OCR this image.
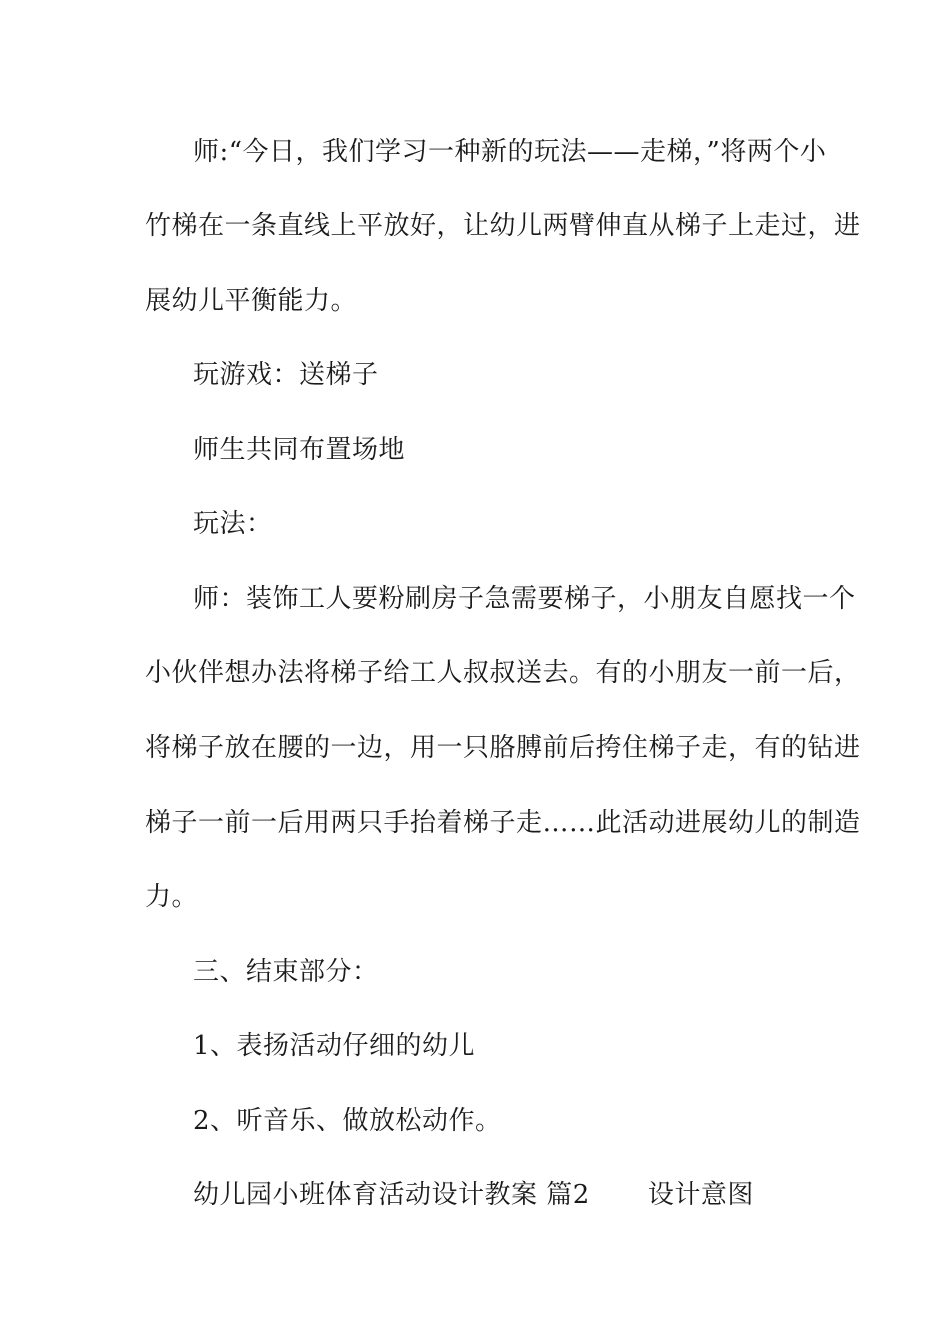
师:“今日，我们学习一种新的玩法——走梯，”将两个小
竹梯在一条直线上平放好，让幼儿两臂伸直从梯子上走过，进
展幼儿平衡能力。
玩游戏：送梯子
师生共同布置场地
玩法：
师：装饰工人要粉刷房子急需要梯子，小朋友自愿找一个
小伙伴想办法将梯子给工人叔叔送去。有的小朋友一前一后，
将梯子放在腰的一边，用一只胳膊前后挎住梯子走，有的钻进
梯子一前一后用两只手抬着梯子走……此活动进展幼儿的制造
力。
三、结束部分：
1、表扬活动仔细的幼儿
2、听音乐、做放松动作。
幼儿园小班体育活动设计教案 篇2 设计意图
